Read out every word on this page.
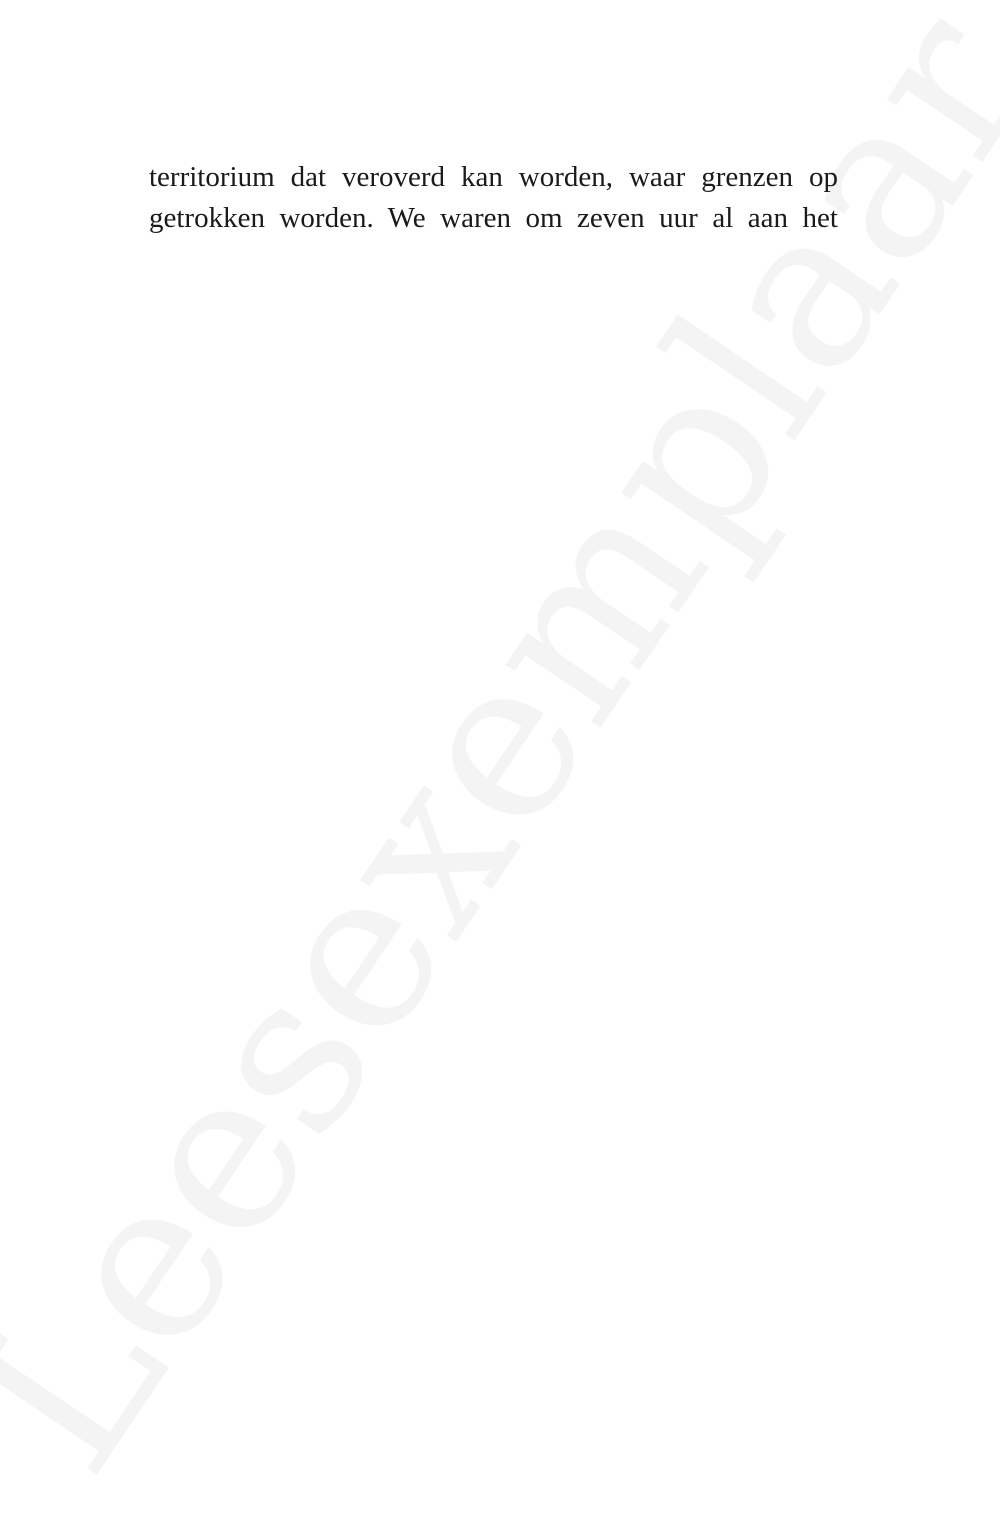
territorium dat veroverd kan worden, waar grenzen op
getrokken worden. We waren om zeven uur al aan het
